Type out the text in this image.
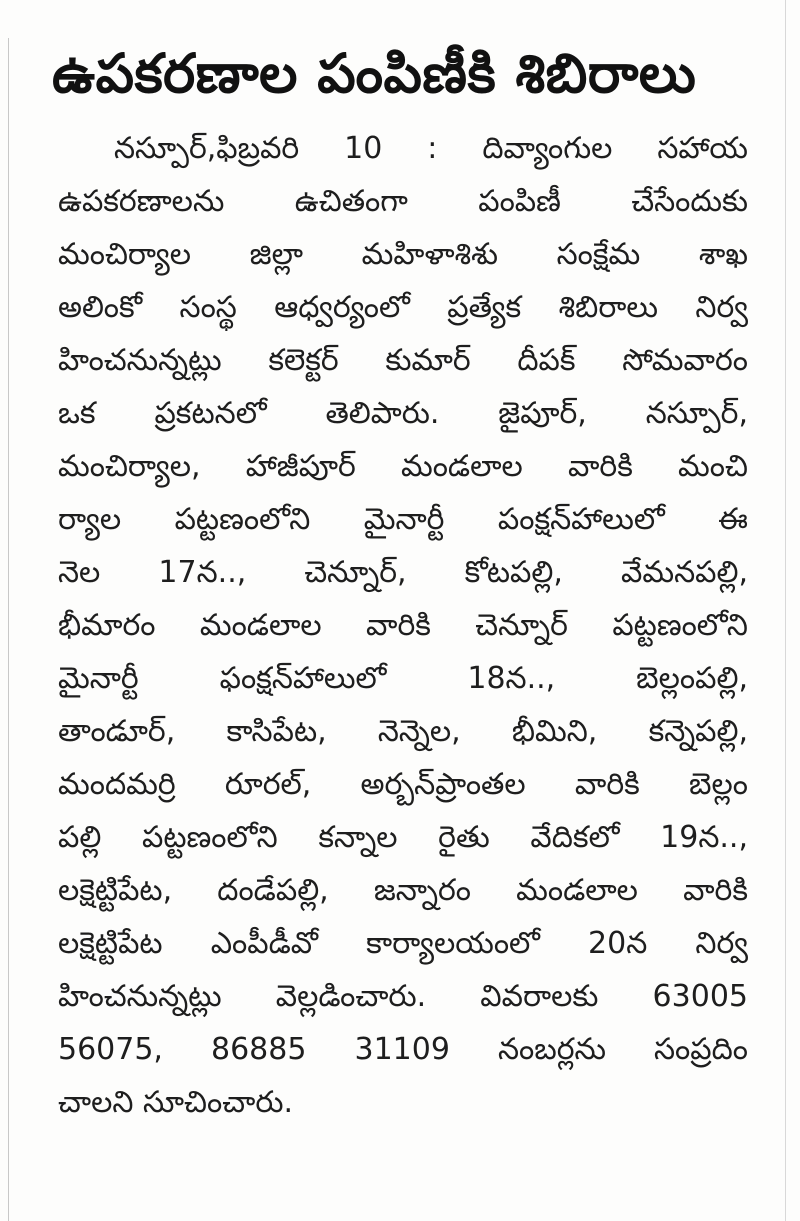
ఉపకరణాల పంపిణీకి శిబిరాలు
నస్పూర్,ఫిబ్రవరి 10 : దివ్యాంగుల సహాయ
ఉపకరణాలను ఉచితంగా పంపిణీ చేసేందుకు
మంచిర్యాల జిల్లా మహిళాశిశు సంక్షేమ శాఖ
అలింకో సంస్థ ఆధ్వర్యంలో ప్రత్యేక శిబిరాలు నిర్వ
హించనున్నట్లు కలెక్టర్ కుమార్ దీపక్ సోమవారం
ఒక ప్రకటనలో తెలిపారు. జైపూర్, నస్పూర్,
మంచిర్యాల, హాజీపూర్ మండలాల వారికి మంచి
ర్యాల పట్టణంలోని మైనార్టీ పంక్షన్‌హాలులో ఈ
నెల 17న.., చెన్నూర్, కోటపల్లి, వేమనపల్లి,
భీమారం మండలాల వారికి చెన్నూర్ పట్టణంలోని
మైనార్టీ ఫంక్షన్‌హాలులో 18న.., బెల్లంపల్లి,
తాండూర్, కాసిపేట, నెన్నెల, భీమిని, కన్నెపల్లి,
మందమర్రి రూరల్, అర్బన్‌ప్రాంతల వారికి బెల్లం
పల్లి పట్టణంలోని కన్నాల రైతు వేదికలో 19న..,
లక్షెట్టిపేట, దండేపల్లి, జన్నారం మండలాల వారికి
లక్షెట్టిపేట ఎంపీడీవో కార్యాలయంలో 20న నిర్వ
హించనున్నట్లు వెల్లడించారు. వివరాలకు 63005
56075, 86885 31109 నంబర్లను సంప్రదిం
చాలని సూచించారు.
